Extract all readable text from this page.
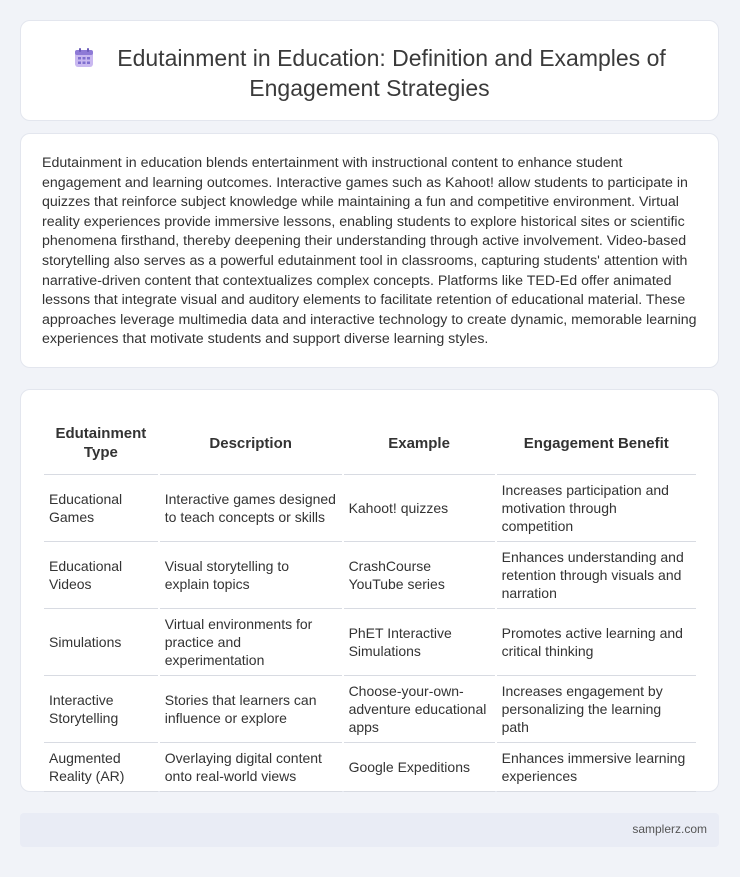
Edutainment in Education: Definition and Examples of Engagement Strategies

Edutainment in education blends entertainment with instructional content to enhance student engagement and learning outcomes. Interactive games such as Kahoot! allow students to participate in quizzes that reinforce subject knowledge while maintaining a fun and competitive environment. Virtual reality experiences provide immersive lessons, enabling students to explore historical sites or scientific phenomena firsthand, thereby deepening their understanding through active involvement. Video-based storytelling also serves as a powerful edutainment tool in classrooms, capturing students' attention with narrative-driven content that contextualizes complex concepts. Platforms like TED-Ed offer animated lessons that integrate visual and auditory elements to facilitate retention of educational material. These approaches leverage multimedia data and interactive technology to create dynamic, memorable learning experiences that motivate students and support diverse learning styles.

Edutainment Type	Description	Example	Engagement Benefit
Educational Games	Interactive games designed to teach concepts or skills	Kahoot! quizzes	Increases participation and motivation through competition
Educational Videos	Visual storytelling to explain topics	CrashCourse YouTube series	Enhances understanding and retention through visuals and narration
Simulations	Virtual environments for practice and experimentation	PhET Interactive Simulations	Promotes active learning and critical thinking
Interactive Storytelling	Stories that learners can influence or explore	Choose-your-own-adventure educational apps	Increases engagement by personalizing the learning path
Augmented Reality (AR)	Overlaying digital content onto real-world views	Google Expeditions	Enhances immersive learning experiences
samplerz.com
